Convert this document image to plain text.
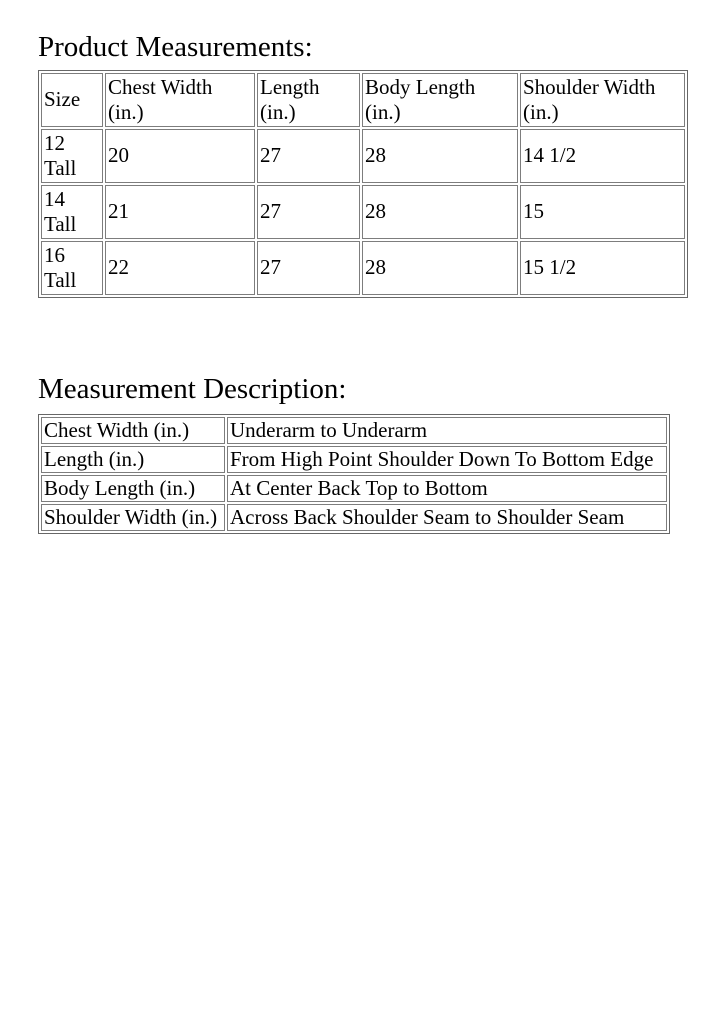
Product Measurements:
Size	Chest Width (in.)	Length (in.)	Body Length (in.)	Shoulder Width (in.)
12 Tall	20	27	28	14 1/2
14 Tall	21	27	28	15
16 Tall	22	27	28	15 1/2
Measurement Description:
Chest Width (in.)	Underarm to Underarm
Length (in.)	From High Point Shoulder Down To Bottom Edge
Body Length (in.)	At Center Back Top to Bottom
Shoulder Width (in.)	Across Back Shoulder Seam to Shoulder Seam
